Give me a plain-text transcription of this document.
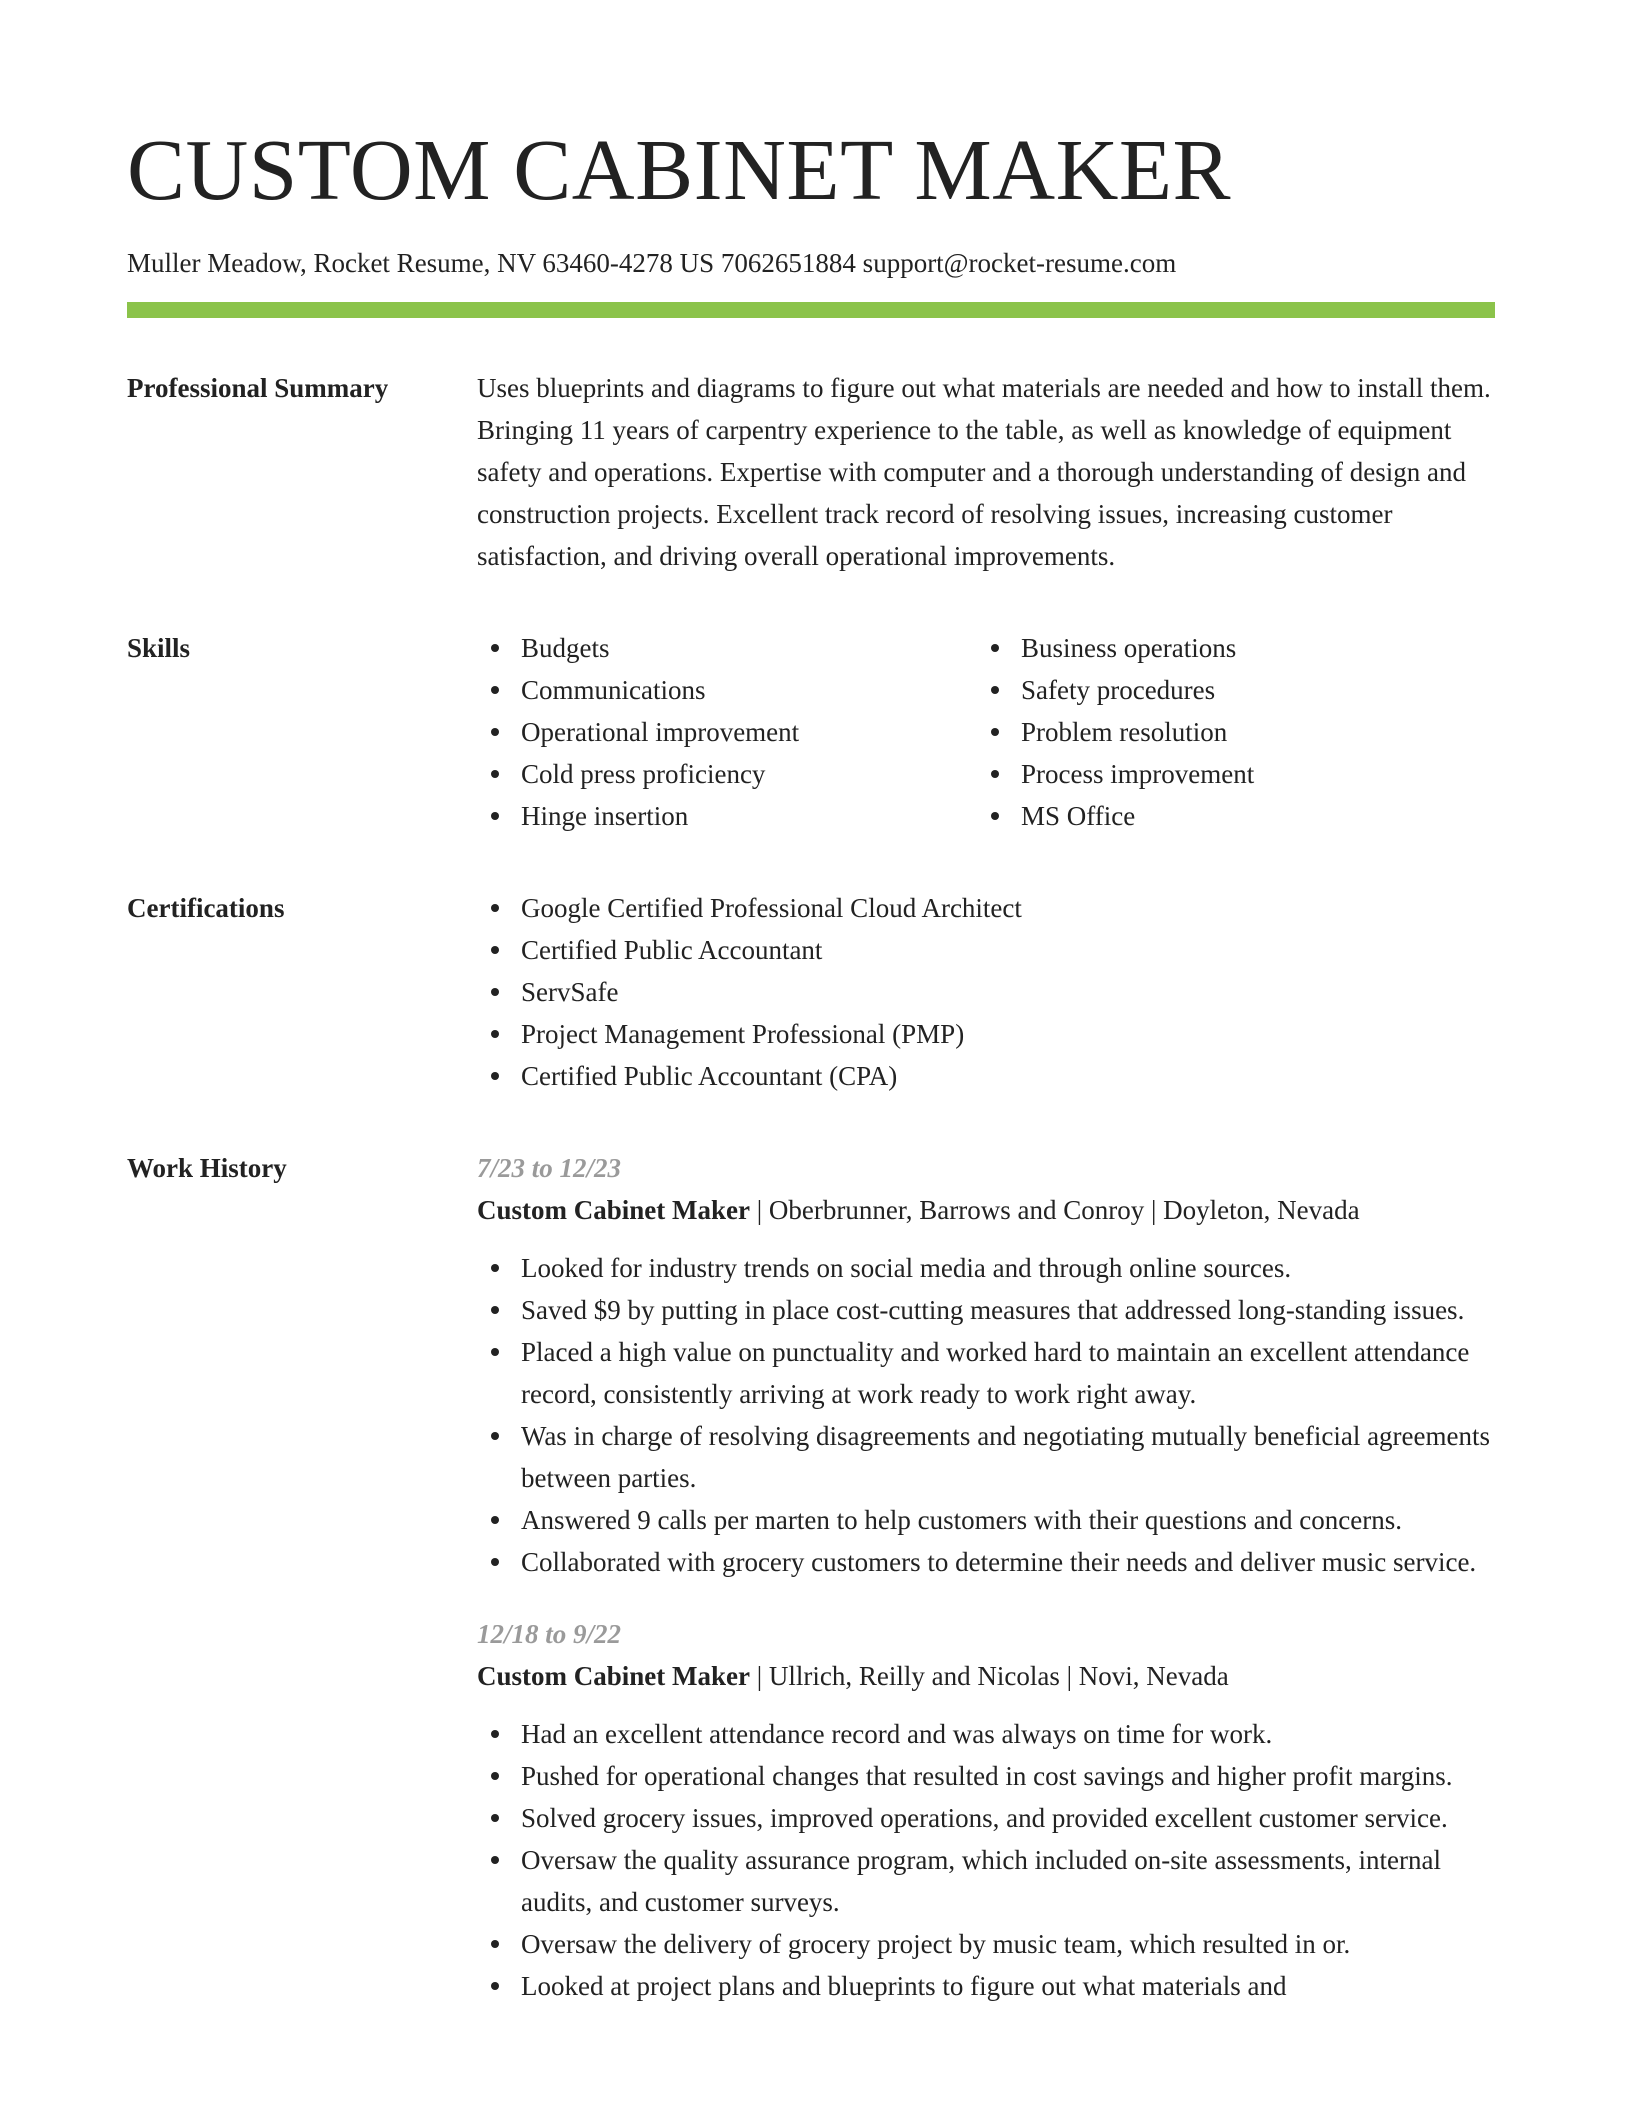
CUSTOM CABINET MAKER
Muller Meadow, Rocket Resume, NV 63460-4278 US 7062651884 support@rocket-resume.com
Professional Summary	Uses blueprints and diagrams to figure out what materials are needed and how to install them. Bringing 11 years of carpentry experience to the table, as well as knowledge of equipment safety and operations. Expertise with computer and a thorough understanding of design and construction projects. Excellent track record of resolving issues, increasing customer satisfaction, and driving overall operational improvements.

Skills	Budgets
Communications
Operational improvement
Cold press proficiency
Hinge insertion
Business operations
Safety procedures
Problem resolution
Process improvement
MS Office
Certifications	Google Certified Professional Cloud Architect
Certified Public Accountant
ServSafe
Project Management Professional (PMP)
Certified Public Accountant (CPA)
Work History	7/23 to 12/23
Custom Cabinet Maker | Oberbrunner, Barrows and Conroy | Doyleton, Nevada
Looked for industry trends on social media and through online sources.
Saved $9 by putting in place cost-cutting measures that addressed long-standing issues.
Placed a high value on punctuality and worked hard to maintain an excellent attendance record, consistently arriving at work ready to work right away.
Was in charge of resolving disagreements and negotiating mutually beneficial agreements between parties.
Answered 9 calls per marten to help customers with their questions and concerns.
Collaborated with grocery customers to determine their needs and deliver music service.
12/18 to 9/22
Custom Cabinet Maker | Ullrich, Reilly and Nicolas | Novi, Nevada
Had an excellent attendance record and was always on time for work.
Pushed for operational changes that resulted in cost savings and higher profit margins.
Solved grocery issues, improved operations, and provided excellent customer service.
Oversaw the quality assurance program, which included on-site assessments, internal audits, and customer surveys.
Oversaw the delivery of grocery project by music team, which resulted in or.
Looked at project plans and blueprints to figure out what materials and
